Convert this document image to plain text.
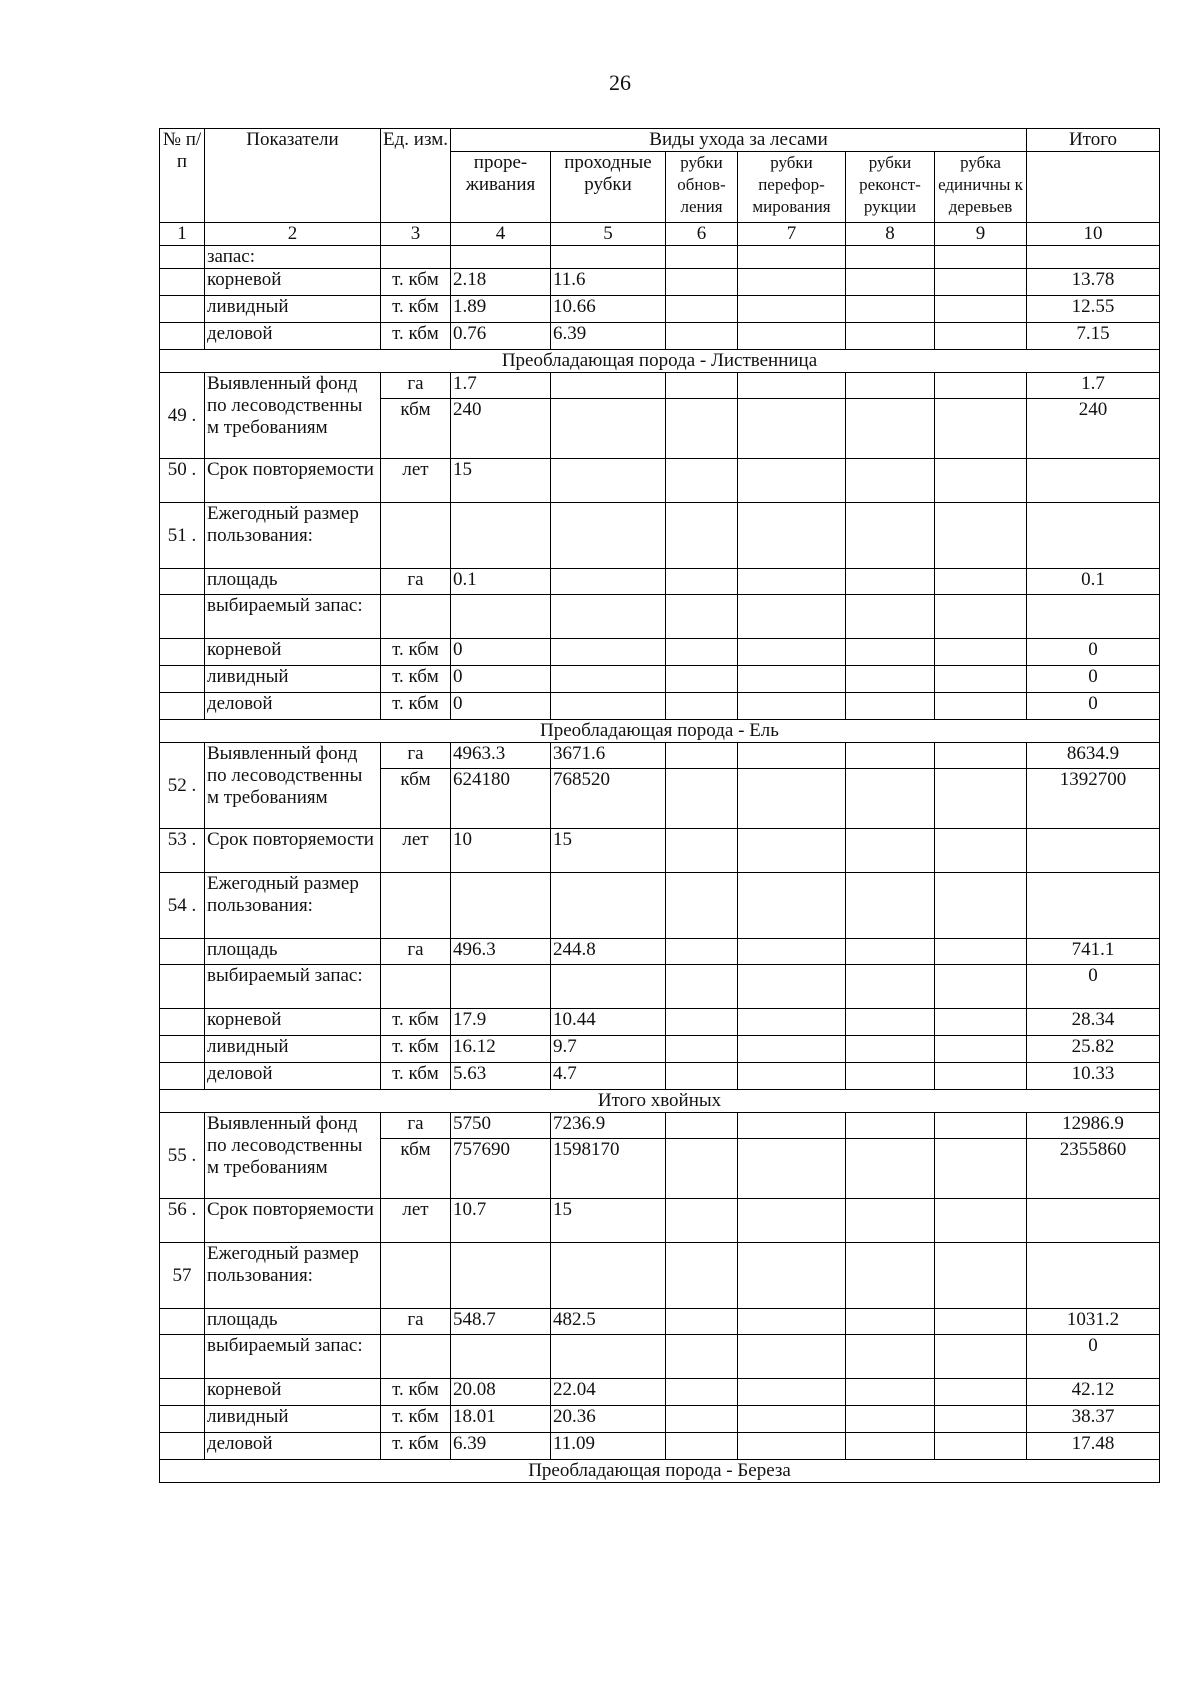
26
№ п/п	Показатели	Ед. изм.	Виды ухода за лесами						Итого
			проре-живания	проходные рубки	рубки обнов-ления	рубки перефор-мирования	рубки реконст-рукции	рубка единичны к деревьев	
1	2	3	4	5	6	7	8	9	10
	запас:								
	корневой	т. кбм	2.18	11.6					13.78
	ливидный	т. кбм	1.89	10.66					12.55
	деловой	т. кбм	0.76	6.39					7.15
Преобладающая порода - Лиственница									
49 .	Выявленный фонд по лесоводственны м требованиям	га	1.7						1.7
		кбм	240						240
50 .	Срок повторяемости	лет	15						
51 .	Ежегодный размер пользования:								
	площадь	га	0.1						0.1
	выбираемый запас:								
	корневой	т. кбм	0						0
	ливидный	т. кбм	0						0
	деловой	т. кбм	0						0
Преобладающая порода - Ель									
52 .	Выявленный фонд по лесоводственны м требованиям	га	4963.3	3671.6					8634.9
		кбм	624180	768520					1392700
53 .	Срок повторяемости	лет	10	15					
54 .	Ежегодный размер пользования:								
	площадь	га	496.3	244.8					741.1
	выбираемый запас:								0
	корневой	т. кбм	17.9	10.44					28.34
	ливидный	т. кбм	16.12	9.7					25.82
	деловой	т. кбм	5.63	4.7					10.33
Итого хвойных									
55 .	Выявленный фонд по лесоводственны м требованиям	га	5750	7236.9					12986.9
		кбм	757690	1598170					2355860
56 .	Срок повторяемости	лет	10.7	15					
57	Ежегодный размер пользования:								
	площадь	га	548.7	482.5					1031.2
	выбираемый запас:								0
	корневой	т. кбм	20.08	22.04					42.12
	ливидный	т. кбм	18.01	20.36					38.37
	деловой	т. кбм	6.39	11.09					17.48
Преобладающая порода - Береза									
